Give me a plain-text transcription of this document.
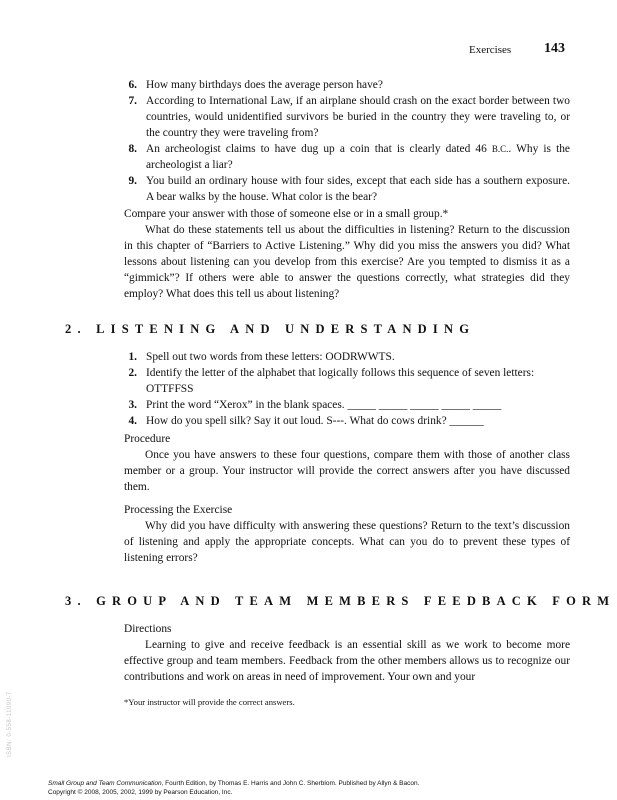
Exercises 143
6. How many birthdays does the average person have?
7. According to International Law, if an airplane should crash on the exact border between two countries, would unidentified survivors be buried in the country they were traveling to, or the country they were traveling from?
8. An archeologist claims to have dug up a coin that is clearly dated 46 B.C.. Why is the archeologist a liar?
9. You build an ordinary house with four sides, except that each side has a southern exposure. A bear walks by the house. What color is the bear?
Compare your answer with those of someone else or in a small group.*
What do these statements tell us about the difficulties in listening? Return to the discussion in this chapter of “Barriers to Active Listening.” Why did you miss the answers you did? What lessons about listening can you develop from this exercise? Are you tempted to dismiss it as a “gimmick”? If others were able to answer the questions correctly, what strategies did they employ? What does this tell us about listening?
2. LISTENING AND UNDERSTANDING
1. Spell out two words from these letters: OODRWWTS.
2. Identify the letter of the alphabet that logically follows this sequence of seven letters: OTTFFSS
3. Print the word “Xerox” in the blank spaces. _____ _____ _____ _____ _____
4. How do you spell silk? Say it out loud. S---. What do cows drink? ______
Procedure
Once you have answers to these four questions, compare them with those of another class member or a group. Your instructor will provide the correct answers after you have discussed them.
Processing the Exercise
Why did you have difficulty with answering these questions? Return to the text’s discussion of listening and apply the appropriate concepts. What can you do to prevent these types of listening errors?
3. GROUP AND TEAM MEMBERS FEEDBACK FORM
Directions
Learning to give and receive feedback is an essential skill as we work to become more effective group and team members. Feedback from the other members allows us to recognize our contributions and work on areas in need of improvement. Your own and your
*Your instructor will provide the correct answers.
ISBN: 0-558-11090-7
Small Group and Team Communication, Fourth Edition, by Thomas E. Harris and John C. Sherblom. Published by Allyn & Bacon.
Copyright © 2008, 2005, 2002, 1999 by Pearson Education, Inc.
